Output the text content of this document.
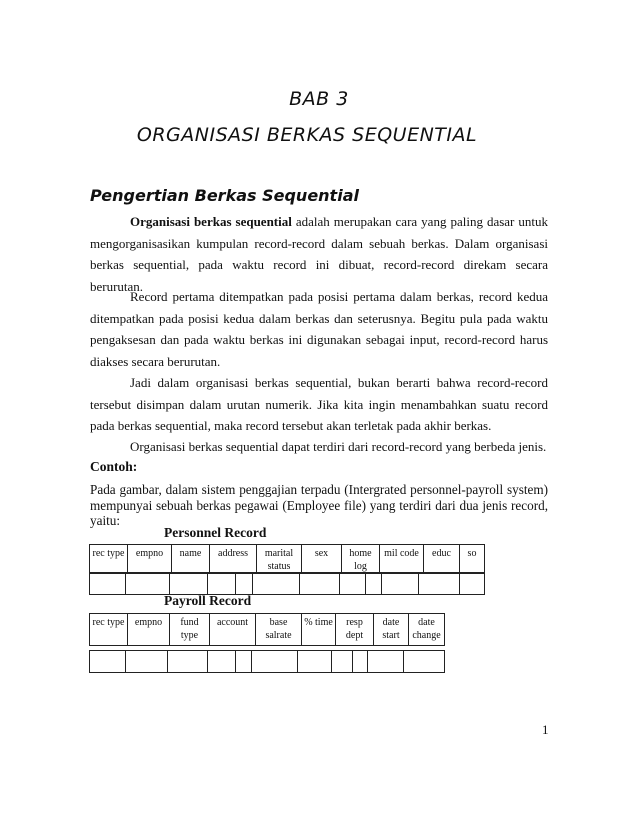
BAB 3
ORGANISASI BERKAS SEQUENTIAL
Pengertian Berkas Sequential
Organisasi berkas sequential adalah merupakan cara yang paling dasar untuk mengorganisasikan kumpulan record-record dalam sebuah berkas. Dalam organisasi berkas sequential, pada waktu record ini dibuat, record-record direkam secara berurutan.
Record pertama ditempatkan pada posisi pertama dalam berkas, record kedua ditempatkan pada posisi kedua dalam berkas dan seterusnya. Begitu pula pada waktu pengaksesan dan pada waktu berkas ini digunakan sebagai input, record-record harus diakses secara berurutan.
Jadi dalam organisasi berkas sequential, bukan berarti bahwa record-record tersebut disimpan dalam urutan numerik. Jika kita ingin menambahkan suatu record pada berkas sequential, maka record tersebut akan terletak pada akhir berkas.
Organisasi berkas sequential dapat terdiri dari record-record yang berbeda jenis.
Contoh:
Pada gambar, dalam sistem penggajian terpadu (Intergrated personnel-payroll system) mempunyai sebuah berkas pegawai (Employee file) yang terdiri dari dua jenis record, yaitu:
Personnel Record
rec type	empno	name	address	marital status	sex	home log	mil code	educ	so

Payroll Record
rec type	empno	fund type	account	base salrate	% time	resp dept	date start	date change

1
